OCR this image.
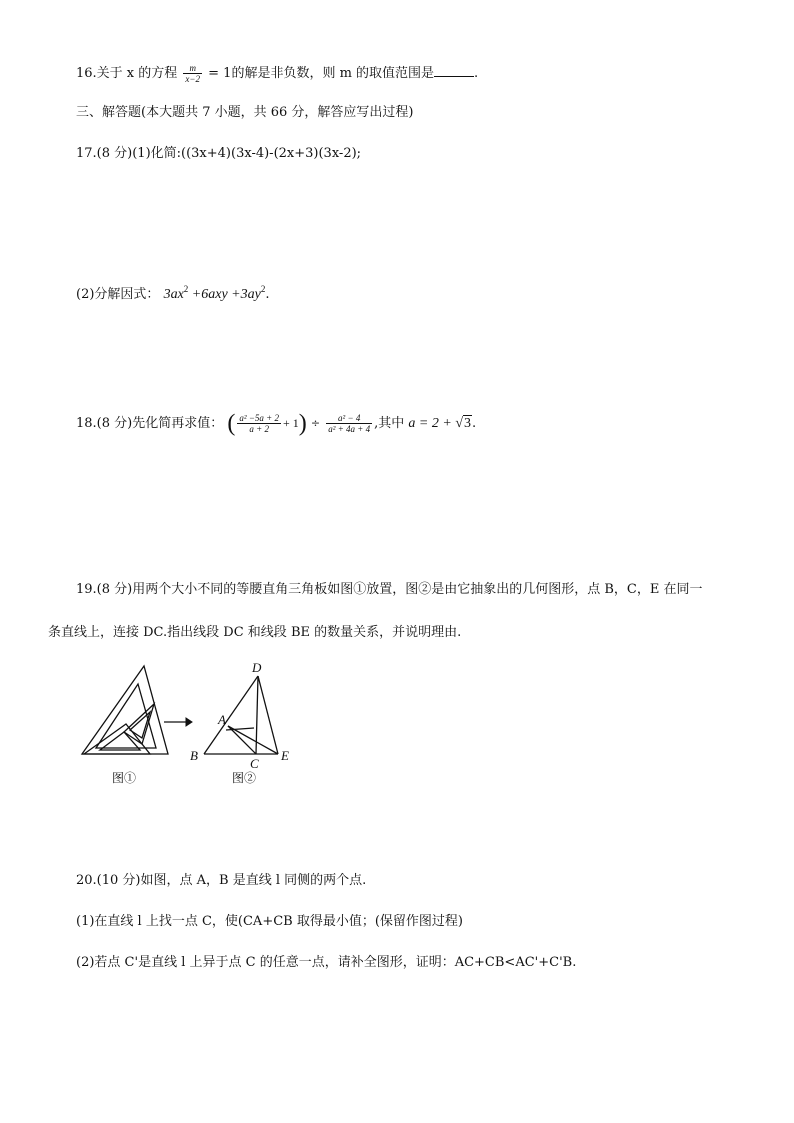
16.关于 x 的方程 $\frac{m}{x-2} = 1$的解是非负数，则 m 的取值范围是	.
三、解答题(本大题共 7 小题，共 66 分，解答应写出过程)
17.(8 分)(1)化简:((3x+4)(3x-4)-(2x+3)(3x-2);
(2)分解因式： $3ax^2 +6axy +3ay^2$.
18.(8 分)先化简再求值： ( $\frac{\text{a² −5a + 2}}{a + 2} + 1) \div \frac{\text{a² − 4}}{\text{a² + 4a + 4}}$ ,其中 a = 2 + √3.
19.(8 分)用两个大小不同的等腰直角三角板如图①放置，图②是由它抽象出的几何图形，点 B，C，E 在同一
条直线上，连接 DC.指出线段 DC 和线段 BE 的数量关系，并说明理由.
D
A
B
C
E
图①	图②
20.(10 分)如图，点 A，B 是直线 l 同侧的两个点.
(1)在直线 l 上找一点 C，使(CA+CB 取得最小值；(保留作图过程)
(2)若点 C'是直线 l 上异于点 C 的任意一点，请补全图形，证明：AC+CB<AC'+C'B.
